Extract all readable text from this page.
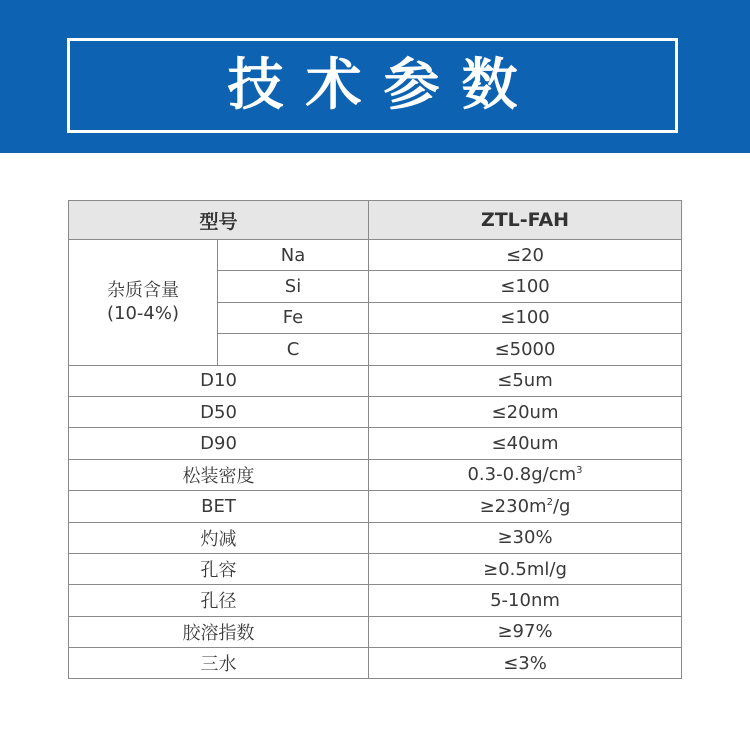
技术参数
型号		ZTL-FAH

杂质含量
(10-4%)	Na	≤20
	Si	≤100
	Fe	≤100
	C	≤5000
D10		≤5um
D50		≤20um
D90		≤40um
松装密度		$0.3-0.8g/cm^3$
BET		$\ge 230m^2/g$
灼减		≥30%
孔容		≥0.5ml/g
孔径		5-10nm
胶溶指数		≥97%
三水		≤3%
